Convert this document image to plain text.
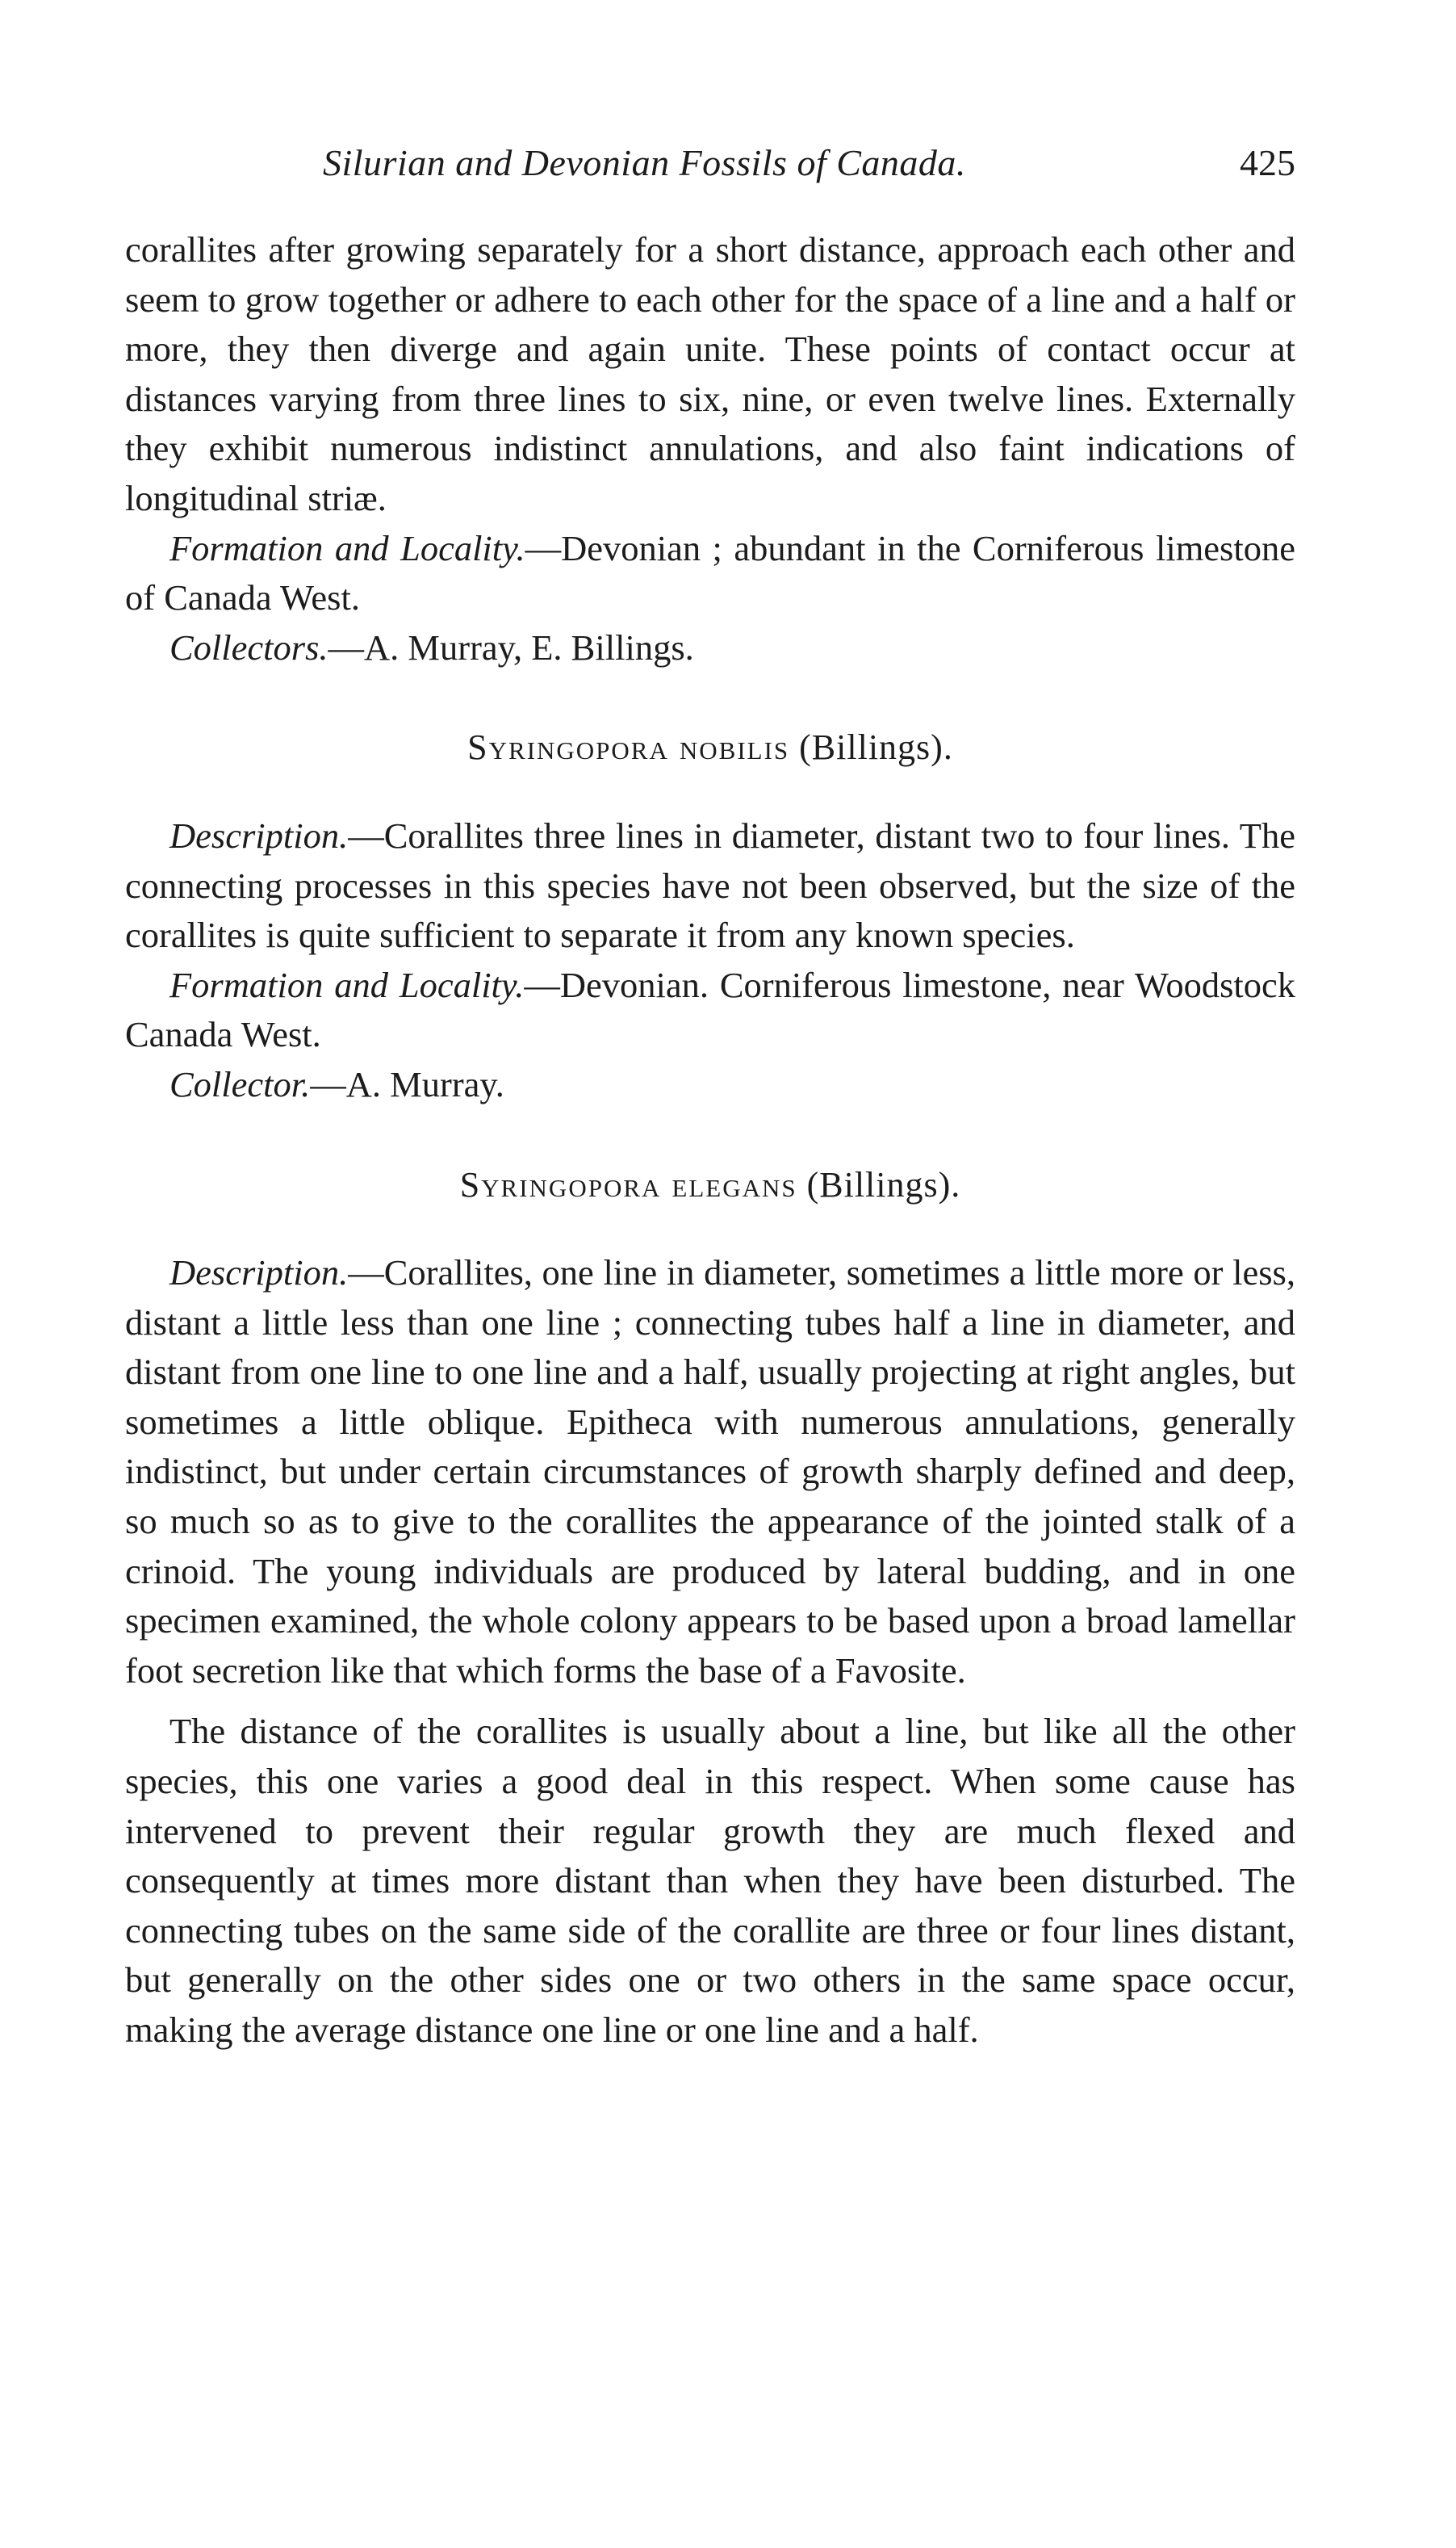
Silurian and Devonian Fossils of Canada.	425

corallites after growing separately for a short distance, approach each other and seem to grow together or adhere to each other for the space of a line and a half or more, they then diverge and again unite. These points of contact occur at distances varying from three lines to six, nine, or even twelve lines. Externally they exhibit numerous indistinct annulations, and also faint indications of longitudinal striæ.

Formation and Locality.—Devonian ; abundant in the Corniferous limestone of Canada West.

Collectors.—A. Murray, E. Billings.

Syringopora nobilis (Billings).

Description.—Corallites three lines in diameter, distant two to four lines. The connecting processes in this species have not been observed, but the size of the corallites is quite sufficient to separate it from any known species.

Formation and Locality.—Devonian. Corniferous limestone, near Woodstock Canada West.

Collector.—A. Murray.

Syringopora elegans (Billings).

Description.—Corallites, one line in diameter, sometimes a little more or less, distant a little less than one line ; connecting tubes half a line in diameter, and distant from one line to one line and a half, usually projecting at right angles, but sometimes a little oblique. Epitheca with numerous annulations, generally indistinct, but under certain circumstances of growth sharply defined and deep, so much so as to give to the corallites the appearance of the jointed stalk of a crinoid. The young individuals are produced by lateral budding, and in one specimen examined, the whole colony appears to be based upon a broad lamellar foot secretion like that which forms the base of a Favosite.

The distance of the corallites is usually about a line, but like all the other species, this one varies a good deal in this respect. When some cause has intervened to prevent their regular growth they are much flexed and consequently at times more distant than when they have been disturbed. The connecting tubes on the same side of the corallite are three or four lines distant, but generally on the other sides one or two others in the same space occur, making the average distance one line or one line and a half.
